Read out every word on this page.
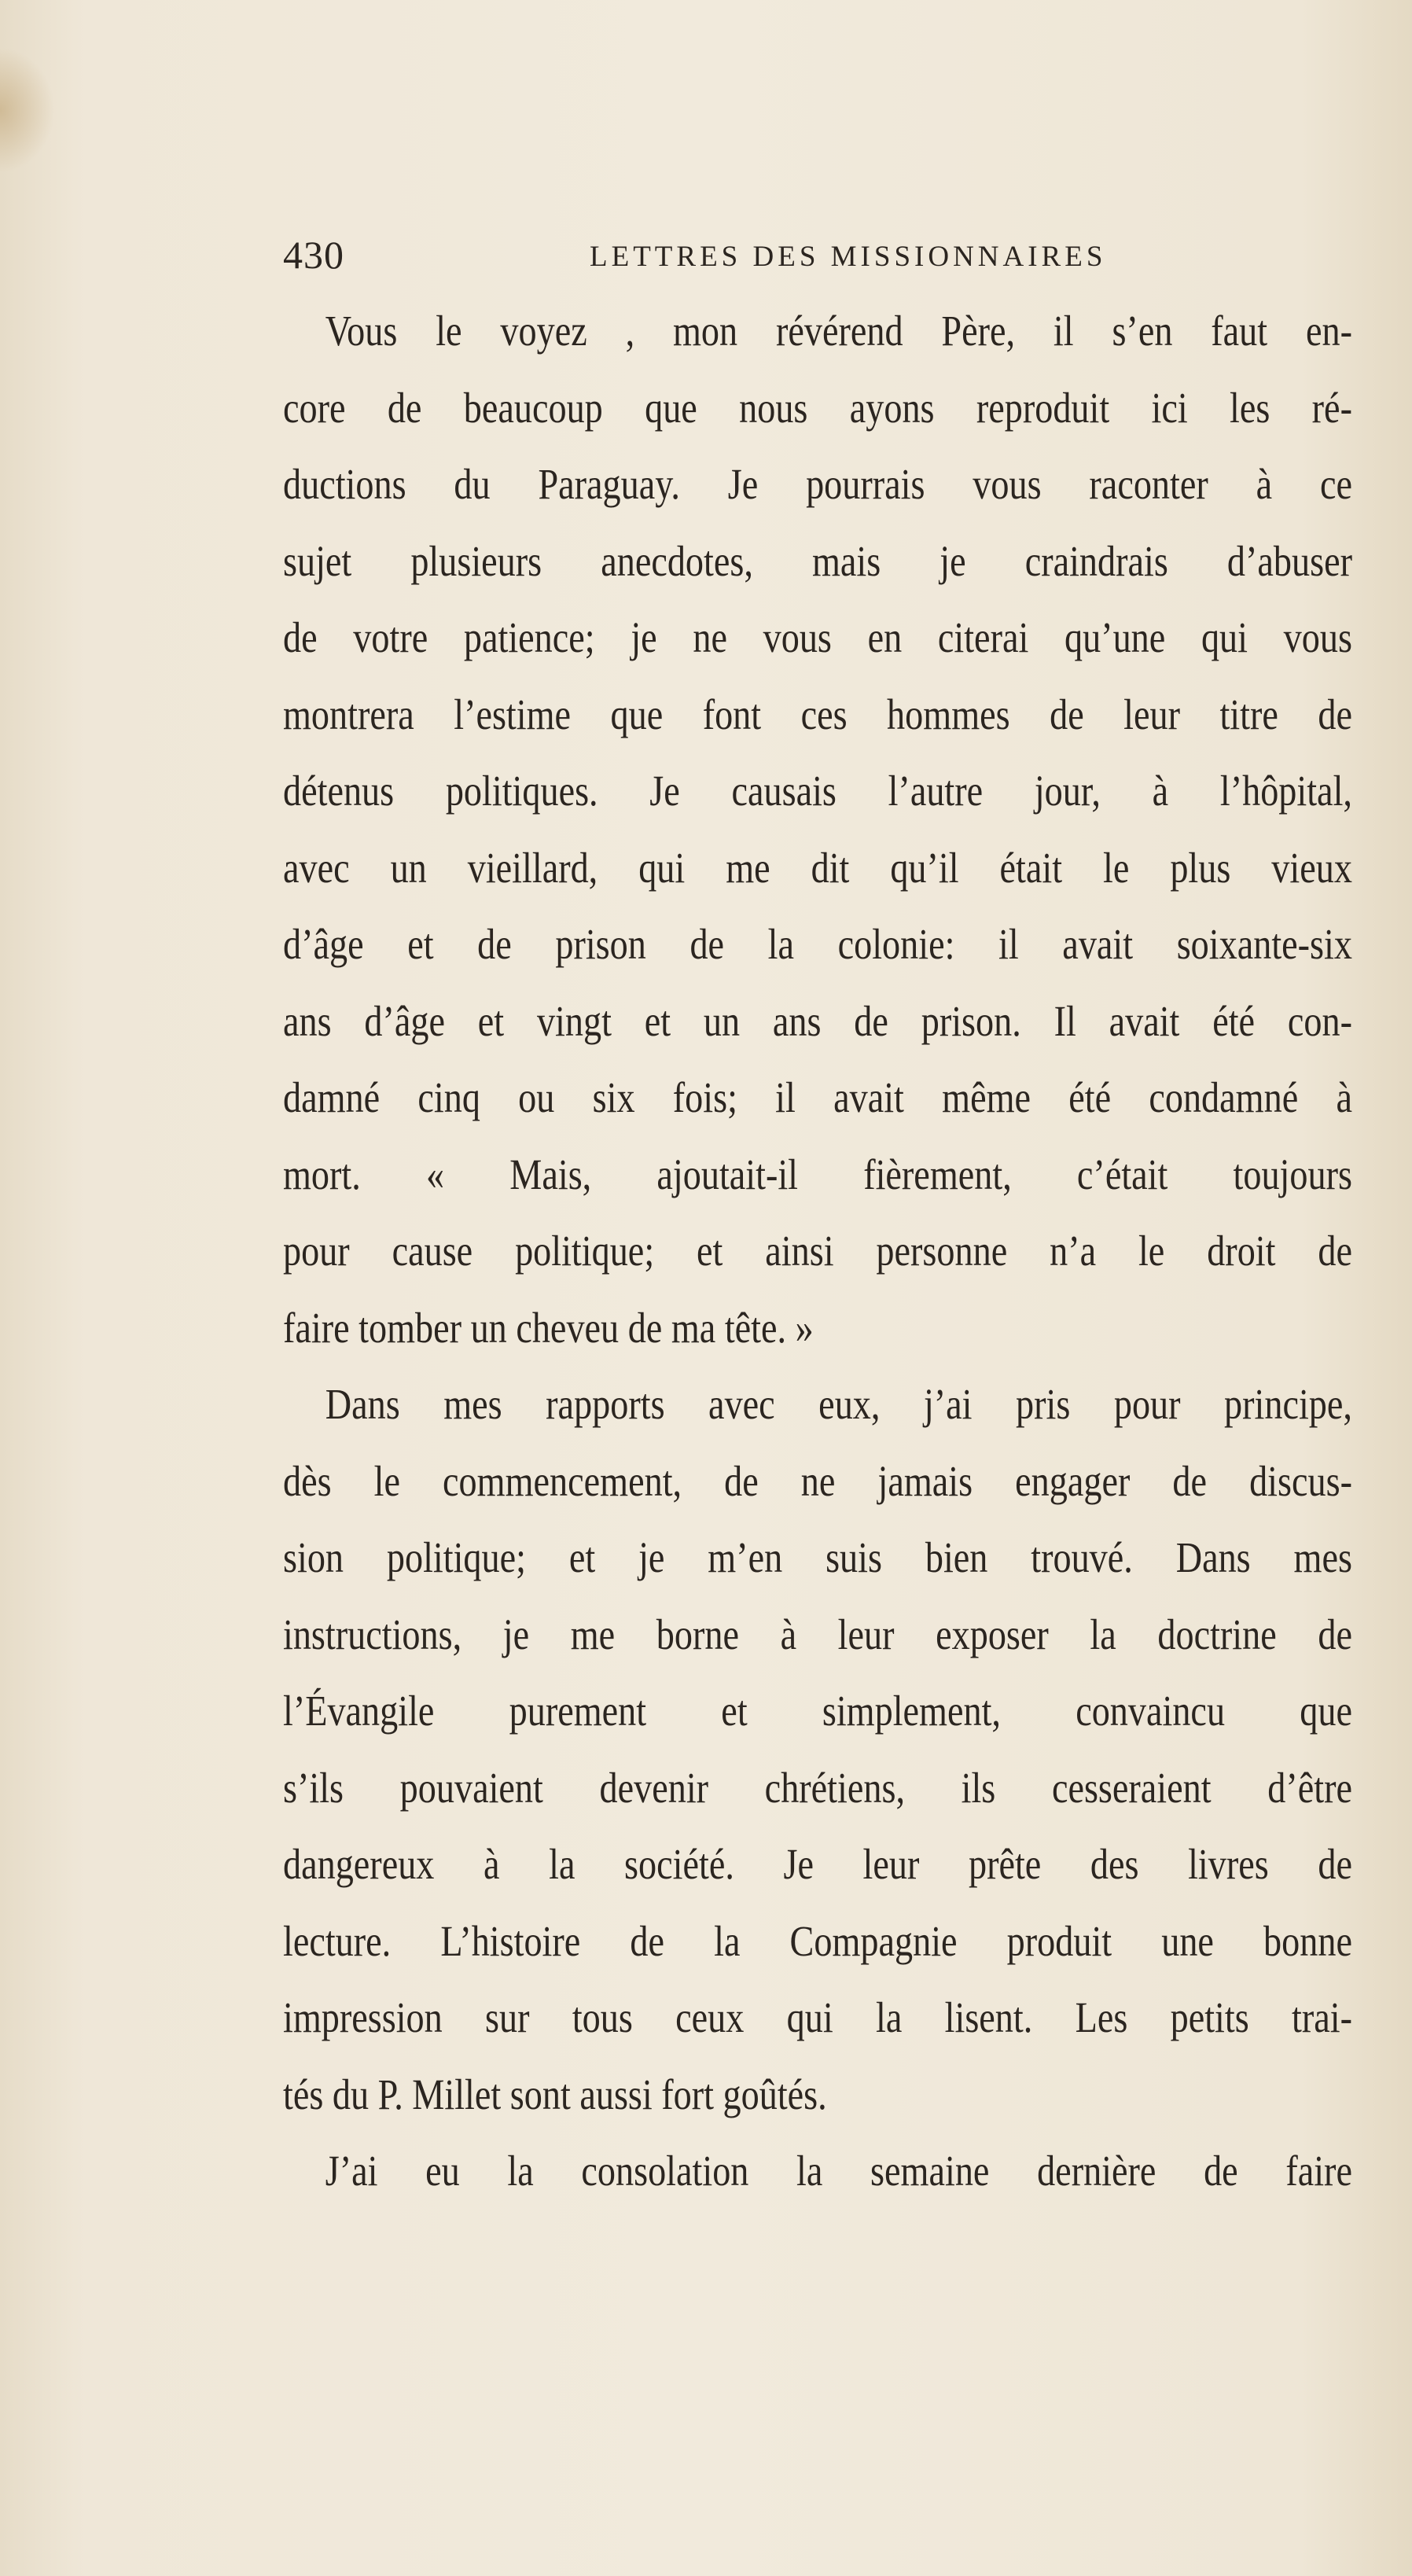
430	LETTRES DES MISSIONNAIRES
Vous le voyez , mon révérend Père, il s’en faut en-
core de beaucoup que nous ayons reproduit ici les ré-
ductions du Paraguay. Je pourrais vous raconter à ce
sujet plusieurs anecdotes, mais je craindrais d’abuser
de votre patience; je ne vous en citerai qu’une qui vous
montrera l’estime que font ces hommes de leur titre de
détenus politiques. Je causais l’autre jour, à l’hôpital,
avec un vieillard, qui me dit qu’il était le plus vieux
d’âge et de prison de la colonie: il avait soixante-six
ans d’âge et vingt et un ans de prison. Il avait été con-
damné cinq ou six fois; il avait même été condamné à
mort. « Mais, ajoutait-il fièrement, c’était toujours
pour cause politique; et ainsi personne n’a le droit de
faire tomber un cheveu de ma tête. »
Dans mes rapports avec eux, j’ai pris pour principe,
dès le commencement, de ne jamais engager de discus-
sion politique; et je m’en suis bien trouvé. Dans mes
instructions, je me borne à leur exposer la doctrine de
l’Évangile purement et simplement, convaincu que
s’ils pouvaient devenir chrétiens, ils cesseraient d’être
dangereux à la société. Je leur prête des livres de
lecture. L’histoire de la Compagnie produit une bonne
impression sur tous ceux qui la lisent. Les petits trai-
tés du P. Millet sont aussi fort goûtés.
J’ai eu la consolation la semaine dernière de faire
